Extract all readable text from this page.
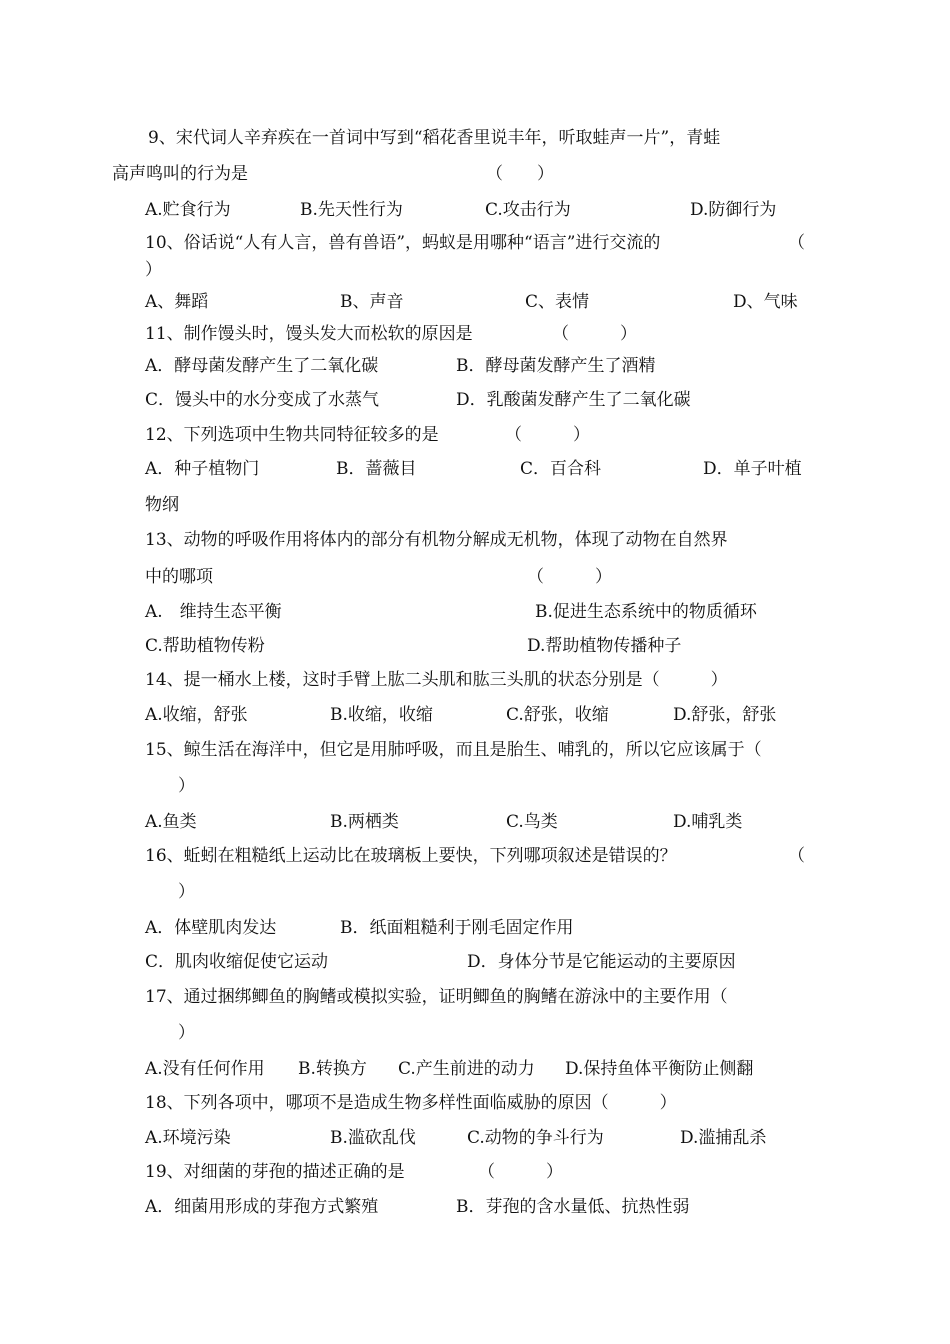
9、宋代词人辛弃疾在一首词中写到“稻花香里说丰年，听取蛙声一片”，青蛙
高声鸣叫的行为是	（　　）
A.贮食行为	B.先天性行为	C.攻击行为	D.防御行为
10、俗话说“人有人言，兽有兽语”，蚂蚁是用哪种“语言”进行交流的	（
）
A、舞蹈	B、声音	C、表情	D、气味
11、制作馒头时，馒头发大而松软的原因是	（　　　）
A．酵母菌发酵产生了二氧化碳	B．酵母菌发酵产生了酒精
C．馒头中的水分变成了水蒸气	D．乳酸菌发酵产生了二氧化碳
12、下列选项中生物共同特征较多的是	（　　　）
A．种子植物门	B．蔷薇目	C．百合科	D．单子叶植
物纲
13、动物的呼吸作用将体内的部分有机物分解成无机物，体现了动物在自然界
中的哪项	（　　　）
A.　维持生态平衡	B.促进生态系统中的物质循环
C.帮助植物传粉	D.帮助植物传播种子
14、提一桶水上楼，这时手臂上肱二头肌和肱三头肌的状态分别是（　　　）
A.收缩，舒张	B.收缩，收缩	C.舒张，收缩	D.舒张，舒张
15、鲸生活在海洋中，但它是用肺呼吸，而且是胎生、哺乳的，所以它应该属于（
）
A.鱼类	B.两栖类	C.鸟类	D.哺乳类
16、蚯蚓在粗糙纸上运动比在玻璃板上要快，下列哪项叙述是错误的？	（
）
A．体壁肌肉发达	B．纸面粗糙利于刚毛固定作用
C．肌肉收缩促使它运动	D．身体分节是它能运动的主要原因
17、通过捆绑鲫鱼的胸鳍或模拟实验，证明鲫鱼的胸鳍在游泳中的主要作用（
）
A.没有任何作用 B.转换方 C.产生前进的动力 D.保持鱼体平衡防止侧翻
18、下列各项中，哪项不是造成生物多样性面临威胁的原因（　　　）
A.环境污染	B.滥砍乱伐	C.动物的争斗行为	D.滥捕乱杀
19、对细菌的芽孢的描述正确的是	（　　　）
A．细菌用形成的芽孢方式繁殖	B．芽孢的含水量低、抗热性弱
